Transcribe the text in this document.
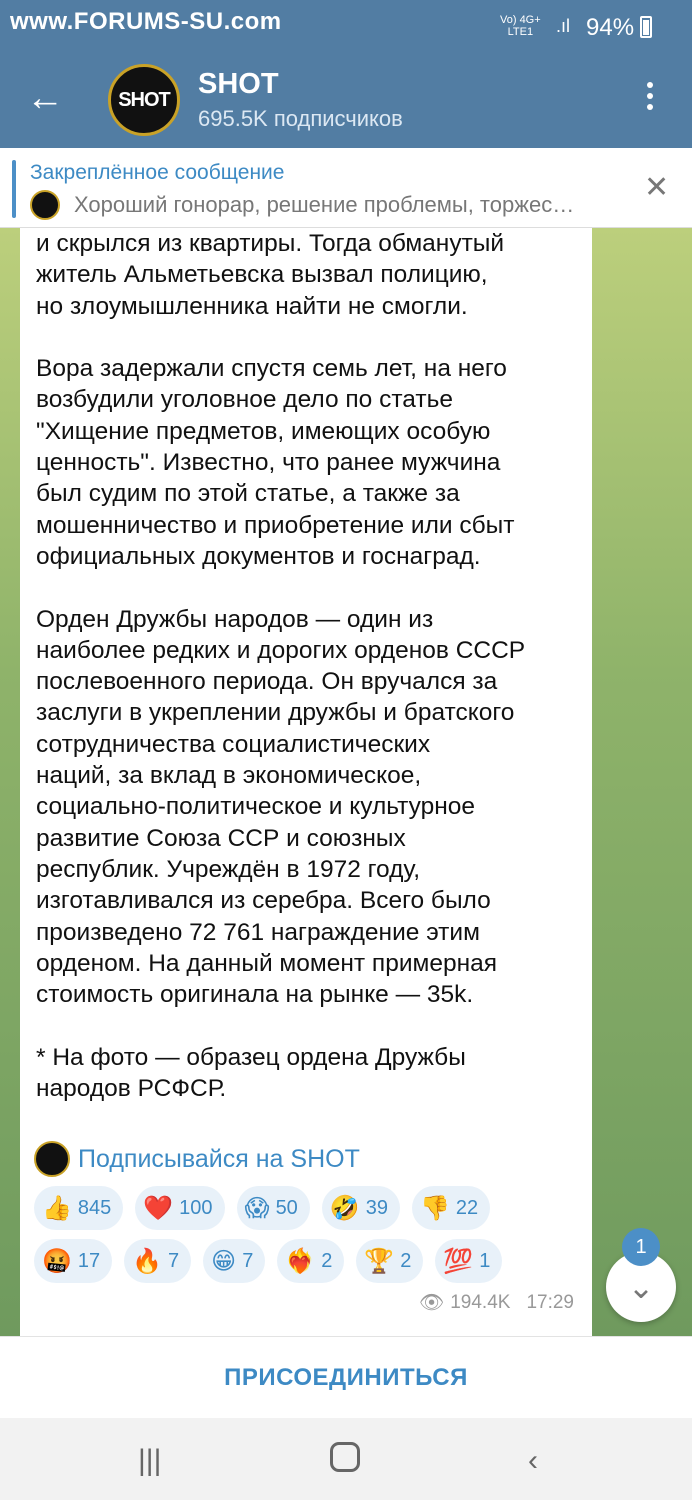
www.FORUMS-SU.com	Vo) 4G+
LTE1	.ıl 94%
←	SHOT SHOT
695.5K подписчиков
Закреплённое сообщение
Хороший гонорар, решение проблемы, торжес…
✕

и скрылся из квартиры. Тогда обманутый

житель Альметьевска вызвал полицию,

но злоумышленника найти не смогли.

Вора задержали спустя семь лет, на него

возбудили уголовное дело по статье

"Хищение предметов, имеющих особую

ценность". Известно, что ранее мужчина

был судим по этой статье, а также за

мошенничество и приобретение или сбыт

официальных документов и госнаград.

Орден Дружбы народов — один из

наиболее редких и дорогих орденов СССР

послевоенного периода. Он вручался за

заслуги в укреплении дружбы и братского

сотрудничества социалистических

наций, за вклад в экономическое,

социально-политическое и культурное

развитие Союза ССР и союзных

республик. Учреждён в 1972 году,

изготавливался из серебра. Всего было

произведено 72 761 награждение этим

орденом. На данный момент примерная

стоимость оригинала на рынке — 35k.

* На фото — образец ордена Дружбы

народов РСФСР.

Подписывайся на SHOT
👍 845 ❤️ 100 😱 50 🤣 39 👎 22
🤬 17 🔥 7 😁 7 ❤️‍🔥 2 🏆 2 💯 1
👁 194.4K 17:29
1
⌄
ПРИСОЕДИНИТЬСЯ
|||	‹
